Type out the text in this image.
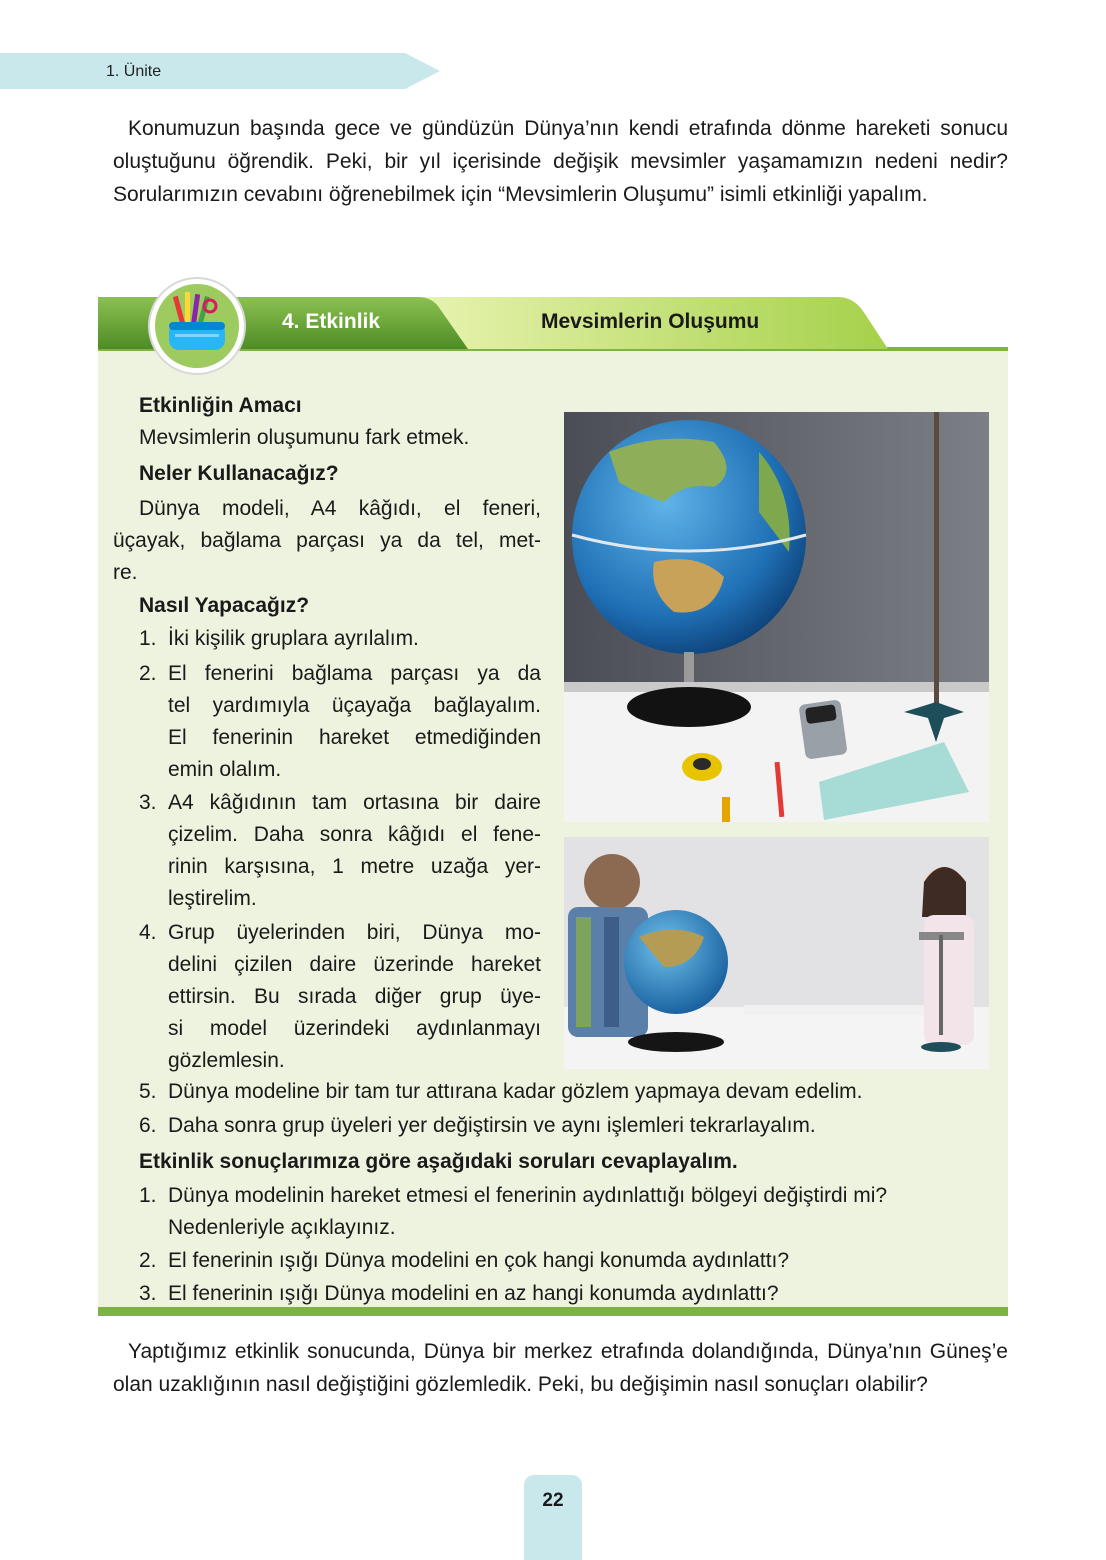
1. Ünite

Konumuzun başında gece ve gündüzün Dünya’nın kendi etrafında dönme hareketi sonucu oluştuğunu öğrendik. Peki, bir yıl içerisinde değişik mevsimler yaşamamızın nedeni nedir? Sorularımızın cevabını öğrenebilmek için “Mevsimlerin Oluşumu” isimli etkinliği yapalım.

4. Etkinlik	Mevsimlerin Oluşumu
Etkinliğin Amacı
Mevsimlerin oluşumunu fark etmek.
Neler Kullanacağız?
Dünya modeli, A4 kâğıdı, el feneri,
üçayak, bağlama parçası ya da tel, met-
re.
Nasıl Yapacağız?
1. İki kişilik gruplara ayrılalım.
2. El fenerini bağlama parçası ya da
tel yardımıyla üçayağa bağlayalım.
El fenerinin hareket etmediğinden
emin olalım.
3. A4 kâğıdının tam ortasına bir daire
çizelim. Daha sonra kâğıdı el fene-
rinin karşısına, 1 metre uzağa yer-
leştirelim.
4. Grup üyelerinden biri, Dünya mo-
delini çizilen daire üzerinde hareket
ettirsin. Bu sırada diğer grup üye-
si model üzerindeki aydınlanmayı
gözlemlesin.
5. Dünya modeline bir tam tur attırana kadar gözlem yapmaya devam edelim.
6. Daha sonra grup üyeleri yer değiştirsin ve aynı işlemleri tekrarlayalım.
Etkinlik sonuçlarımıza göre aşağıdaki soruları cevaplayalım.
1. Dünya modelinin hareket etmesi el fenerinin aydınlattığı bölgeyi değiştirdi mi?
Nedenleriyle açıklayınız.
2. El fenerinin ışığı Dünya modelini en çok hangi konumda aydınlattı?
3. El fenerinin ışığı Dünya modelini en az hangi konumda aydınlattı?

Yaptığımız etkinlik sonucunda, Dünya bir merkez etrafında dolandığında, Dünya’nın Güneş’e olan uzaklığının nasıl değiştiğini gözlemledik. Peki, bu değişimin nasıl sonuçları olabilir?

22
